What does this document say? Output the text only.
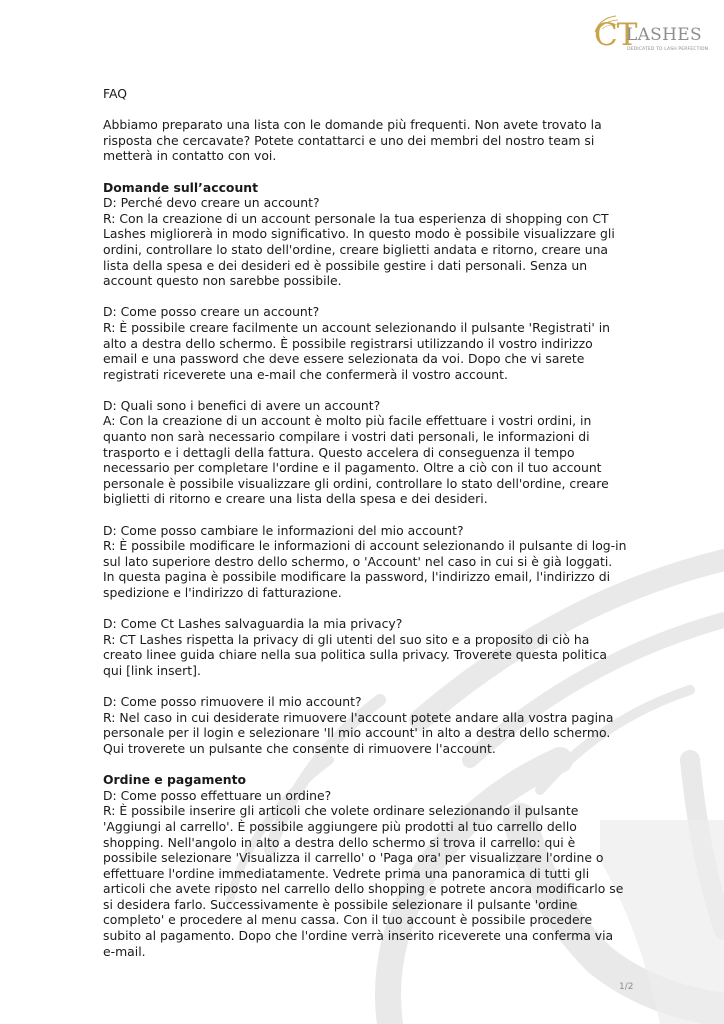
CT
LASHES
DEDICATED TO LASH PERFECTION

FAQ

Abbiamo preparato una lista con le domande più frequenti. Non avete trovato la

risposta che cercavate? Potete contattarci e uno dei membri del nostro team si

metterà in contatto con voi.

Domande sull’account

D: Perché devo creare un account?

R: Con la creazione di un account personale la tua esperienza di shopping con CT

Lashes migliorerà in modo significativo. In questo modo è possibile visualizzare gli

ordini, controllare lo stato dell'ordine, creare biglietti andata e ritorno, creare una

lista della spesa e dei desideri ed è possibile gestire i dati personali. Senza un

account questo non sarebbe possibile.

D: Come posso creare un account?

R: È possibile creare facilmente un account selezionando il pulsante 'Registrati' in

alto a destra dello schermo. È possibile registrarsi utilizzando il vostro indirizzo

email e una password che deve essere selezionata da voi. Dopo che vi sarete

registrati riceverete una e-mail che confermerà il vostro account.

D: Quali sono i benefici di avere un account?

A: Con la creazione di un account è molto più facile effettuare i vostri ordini, in

quanto non sarà necessario compilare i vostri dati personali, le informazioni di

trasporto e i dettagli della fattura. Questo accelera di conseguenza il tempo

necessario per completare l'ordine e il pagamento. Oltre a ciò con il tuo account

personale è possibile visualizzare gli ordini, controllare lo stato dell'ordine, creare

biglietti di ritorno e creare una lista della spesa e dei desideri.

D: Come posso cambiare le informazioni del mio account?

R: È possibile modificare le informazioni di account selezionando il pulsante di log-in

sul lato superiore destro dello schermo, o 'Account' nel caso in cui si è già loggati.

In questa pagina è possibile modificare la password, l'indirizzo email, l'indirizzo di

spedizione e l'indirizzo di fatturazione.

D: Come Ct Lashes salvaguardia la mia privacy?

R: CT Lashes rispetta la privacy di gli utenti del suo sito e a proposito di ciò ha

creato linee guida chiare nella sua politica sulla privacy. Troverete questa politica

qui [link insert].

D: Come posso rimuovere il mio account?

R: Nel caso in cui desiderate rimuovere l'account potete andare alla vostra pagina

personale per il login e selezionare 'Il mio account' in alto a destra dello schermo.

Qui troverete un pulsante che consente di rimuovere l'account.

Ordine e pagamento

D: Come posso effettuare un ordine?

R: È possibile inserire gli articoli che volete ordinare selezionando il pulsante

'Aggiungi al carrello'. È possibile aggiungere più prodotti al tuo carrello dello

shopping. Nell'angolo in alto a destra dello schermo si trova il carrello: qui è

possibile selezionare 'Visualizza il carrello' o 'Paga ora' per visualizzare l'ordine o

effettuare l'ordine immediatamente. Vedrete prima una panoramica di tutti gli

articoli che avete riposto nel carrello dello shopping e potrete ancora modificarlo se

si desidera farlo. Successivamente è possibile selezionare il pulsante 'ordine

completo' e procedere al menu cassa. Con il tuo account è possibile procedere

subito al pagamento. Dopo che l'ordine verrà inserito riceverete una conferma via

e-mail.

1/2
